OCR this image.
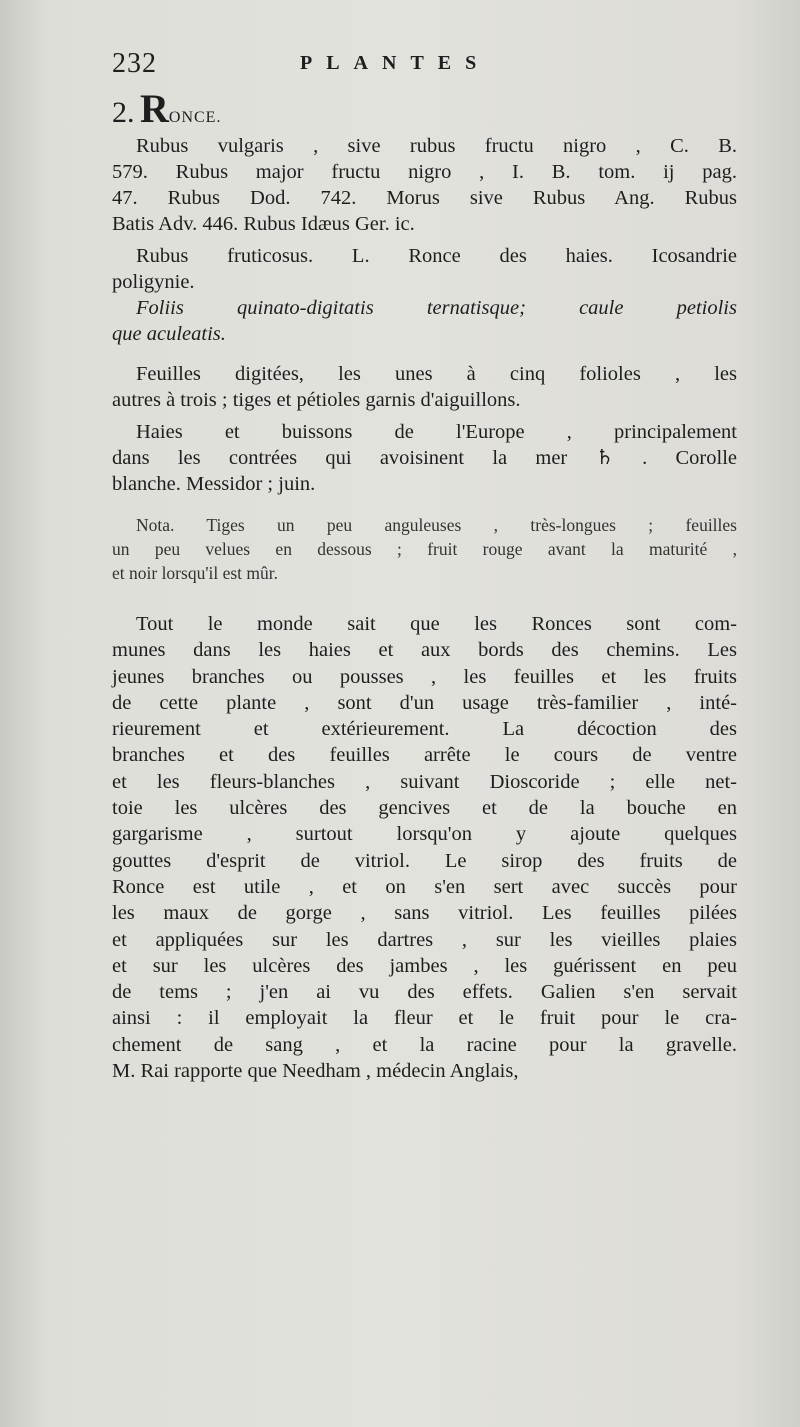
232	PLANTES
2. RONCE.
Rubus vulgaris , sive rubus fructu nigro , C. B.
579. Rubus major fructu nigro , I. B. tom. ij pag.
47. Rubus Dod. 742. Morus sive Rubus Ang. Rubus
Batis Adv. 446. Rubus Idæus Ger. ic.
Rubus fruticosus. L. Ronce des haies. Icosandrie
poligynie.
Foliis quinato-digitatis ternatisque; caule petiolis
que aculeatis.
Feuilles digitées, les unes à cinq folioles , les
autres à trois ; tiges et pétioles garnis d'aiguillons.
Haies et buissons de l'Europe , principalement
dans les contrées qui avoisinent la mer ♄ . Corolle
blanche. Messidor ; juin.
Nota. Tiges un peu anguleuses , très-longues ; feuilles
un peu velues en dessous ; fruit rouge avant la maturité ,
et noir lorsqu'il est mûr.
Tout le monde sait que les Ronces sont com-
munes dans les haies et aux bords des chemins. Les
jeunes branches ou pousses , les feuilles et les fruits
de cette plante , sont d'un usage très-familier , inté-
rieurement et extérieurement. La décoction des
branches et des feuilles arrête le cours de ventre
et les fleurs-blanches , suivant Dioscoride ; elle net-
toie les ulcères des gencives et de la bouche en
gargarisme , surtout lorsqu'on y ajoute quelques
gouttes d'esprit de vitriol. Le sirop des fruits de
Ronce est utile , et on s'en sert avec succès pour
les maux de gorge , sans vitriol. Les feuilles pilées
et appliquées sur les dartres , sur les vieilles plaies
et sur les ulcères des jambes , les guérissent en peu
de tems ; j'en ai vu des effets. Galien s'en servait
ainsi : il employait la fleur et le fruit pour le cra-
chement de sang , et la racine pour la gravelle.
M. Rai rapporte que Needham , médecin Anglais,
